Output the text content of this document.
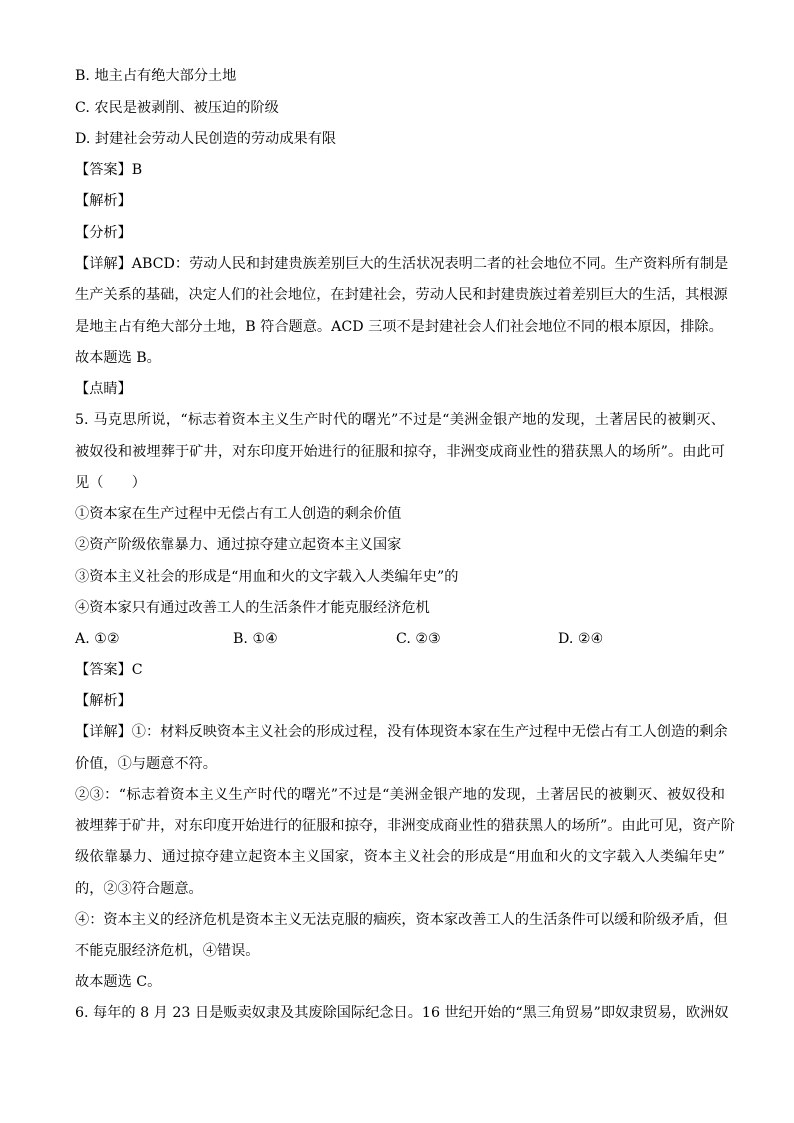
B. 地主占有绝大部分土地
C. 农民是被剥削、被压迫的阶级
D. 封建社会劳动人民创造的劳动成果有限
【答案】B
【解析】
【分析】
【详解】ABCD：劳动人民和封建贵族差别巨大的生活状况表明二者的社会地位不同。生产资料所有制是
生产关系的基础，决定人们的社会地位，在封建社会，劳动人民和封建贵族过着差别巨大的生活，其根源
是地主占有绝大部分土地，B 符合题意。ACD 三项不是封建社会人们社会地位不同的根本原因，排除。
故本题选 B。
【点睛】
5. 马克思所说，“标志着资本主义生产时代的曙光”不过是“美洲金银产地的发现，土著居民的被剿灭、
被奴役和被埋葬于矿井，对东印度开始进行的征服和掠夺，非洲变成商业性的猎获黑人的场所”。由此可
见（　　）
①资本家在生产过程中无偿占有工人创造的剩余价值
②资产阶级依靠暴力、通过掠夺建立起资本主义国家
③资本主义社会的形成是“用血和火的文字载入人类编年史”的
④资本家只有通过改善工人的生活条件才能克服经济危机
A. ①②	B. ①④	C. ②③	D. ②④
【答案】C
【解析】
【详解】①：材料反映资本主义社会的形成过程，没有体现资本家在生产过程中无偿占有工人创造的剩余
价值，①与题意不符。
②③：“标志着资本主义生产时代的曙光”不过是“美洲金银产地的发现，土著居民的被剿灭、被奴役和
被埋葬于矿井，对东印度开始进行的征服和掠夺，非洲变成商业性的猎获黑人的场所”。由此可见，资产阶
级依靠暴力、通过掠夺建立起资本主义国家，资本主义社会的形成是“用血和火的文字载入人类编年史”
的，②③符合题意。
④：资本主义的经济危机是资本主义无法克服的痼疾，资本家改善工人的生活条件可以缓和阶级矛盾，但
不能克服经济危机，④错误。
故本题选 C。
6. 每年的 8 月 23 日是贩卖奴隶及其废除国际纪念日。16 世纪开始的“黑三角贸易”即奴隶贸易，欧洲奴
